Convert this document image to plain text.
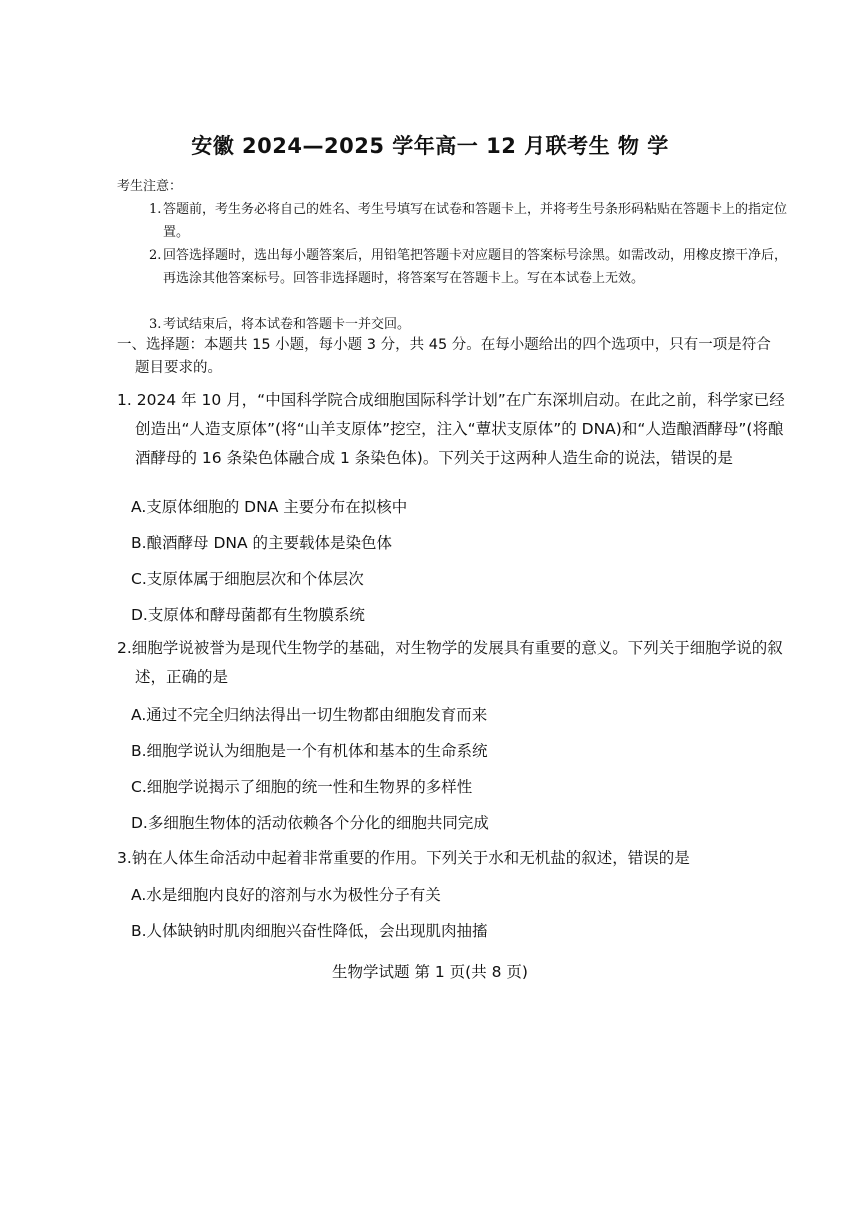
安徽 2024—2025 学年高一 12 月联考生 物 学
考生注意：
1. 答题前，考生务必将自己的姓名、考生号填写在试卷和答题卡上，并将考生号条形码粘贴在答题卡上的指定位置。
2. 回答选择题时，选出每小题答案后，用铅笔把答题卡对应题目的答案标号涂黑。如需改动，用橡皮擦干净后，再选涂其他答案标号。回答非选择题时，将答案写在答题卡上。写在本试卷上无效。
3. 考试结束后，将本试卷和答题卡一并交回。
一、选择题：本题共 15 小题，每小题 3 分，共 45 分。在每小题给出的四个选项中，只有一项是符合
题目要求的。
1. 2024 年 10 月，“中国科学院合成细胞国际科学计划”在广东深圳启动。在此之前，科学家已经创造出“人造支原体”(将“山羊支原体”挖空，注入“蕈状支原体”的 DNA)和“人造酿酒酵母”(将酿酒酵母的 16 条染色体融合成 1 条染色体)。下列关于这两种人造生命的说法，错误的是
A.支原体细胞的 DNA 主要分布在拟核中
B.酿酒酵母 DNA 的主要载体是染色体
C.支原体属于细胞层次和个体层次
D.支原体和酵母菌都有生物膜系统
2.细胞学说被誉为是现代生物学的基础，对生物学的发展具有重要的意义。下列关于细胞学说的叙述，正确的是
A.通过不完全归纳法得出一切生物都由细胞发育而来
B.细胞学说认为细胞是一个有机体和基本的生命系统
C.细胞学说揭示了细胞的统一性和生物界的多样性
D.多细胞生物体的活动依赖各个分化的细胞共同完成
3.钠在人体生命活动中起着非常重要的作用。下列关于水和无机盐的叙述，错误的是
A.水是细胞内良好的溶剂与水为极性分子有关
B.人体缺钠时肌肉细胞兴奋性降低，会出现肌肉抽搐
生物学试题 第 1 页(共 8 页)
